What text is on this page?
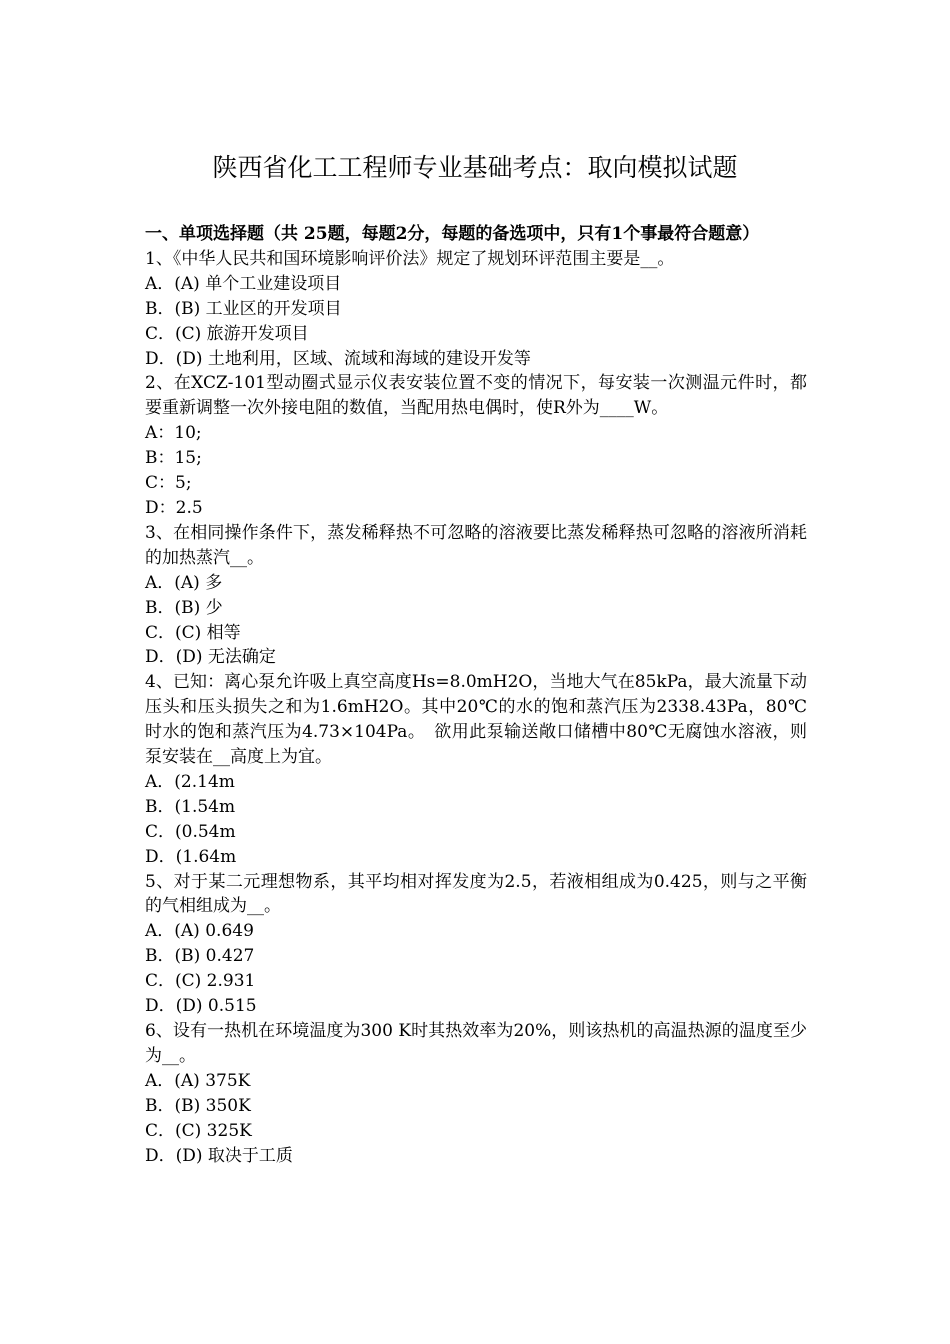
陕西省化工工程师专业基础考点：取向模拟试题
一、单项选择题（共 25题，每题2分，每题的备选项中，只有1个事最符合题意）
1、《中华人民共和国环境影响评价法》规定了规划环评范围主要是__。
A．(A) 单个工业建设项目
B．(B) 工业区的开发项目
C．(C) 旅游开发项目
D．(D) 土地利用，区域、流域和海域的建设开发等
2、在XCZ-101型动圈式显示仪表安装位置不变的情况下，每安装一次测温元件时，都要重新调整一次外接电阻的数值，当配用热电偶时，使R外为____W。
A：10;
B：15;
C：5;
D：2.5
3、在相同操作条件下，蒸发稀释热不可忽略的溶液要比蒸发稀释热可忽略的溶液所消耗的加热蒸汽__。
A．(A) 多
B．(B) 少
C．(C) 相等
D．(D) 无法确定
4、已知：离心泵允许吸上真空高度Hs=8.0mH2O，当地大气在85kPa，最大流量下动压头和压头损失之和为1.6mH2O。其中20℃的水的饱和蒸汽压为2338.43Pa，80℃时水的饱和蒸汽压为4.73×104Pa。　欲用此泵输送敞口储槽中80℃无腐蚀水溶液，则泵安装在__高度上为宜。
A．(2.14m
B．(1.54m
C．(0.54m
D．(1.64m
5、对于某二元理想物系，其平均相对挥发度为2.5，若液相组成为0.425，则与之平衡的气相组成为__。
A．(A) 0.649
B．(B) 0.427
C．(C) 2.931
D．(D) 0.515
6、设有一热机在环境温度为300 K时其热效率为20%，则该热机的高温热源的温度至少为__。
A．(A) 375K
B．(B) 350K
C．(C) 325K
D．(D) 取决于工质
